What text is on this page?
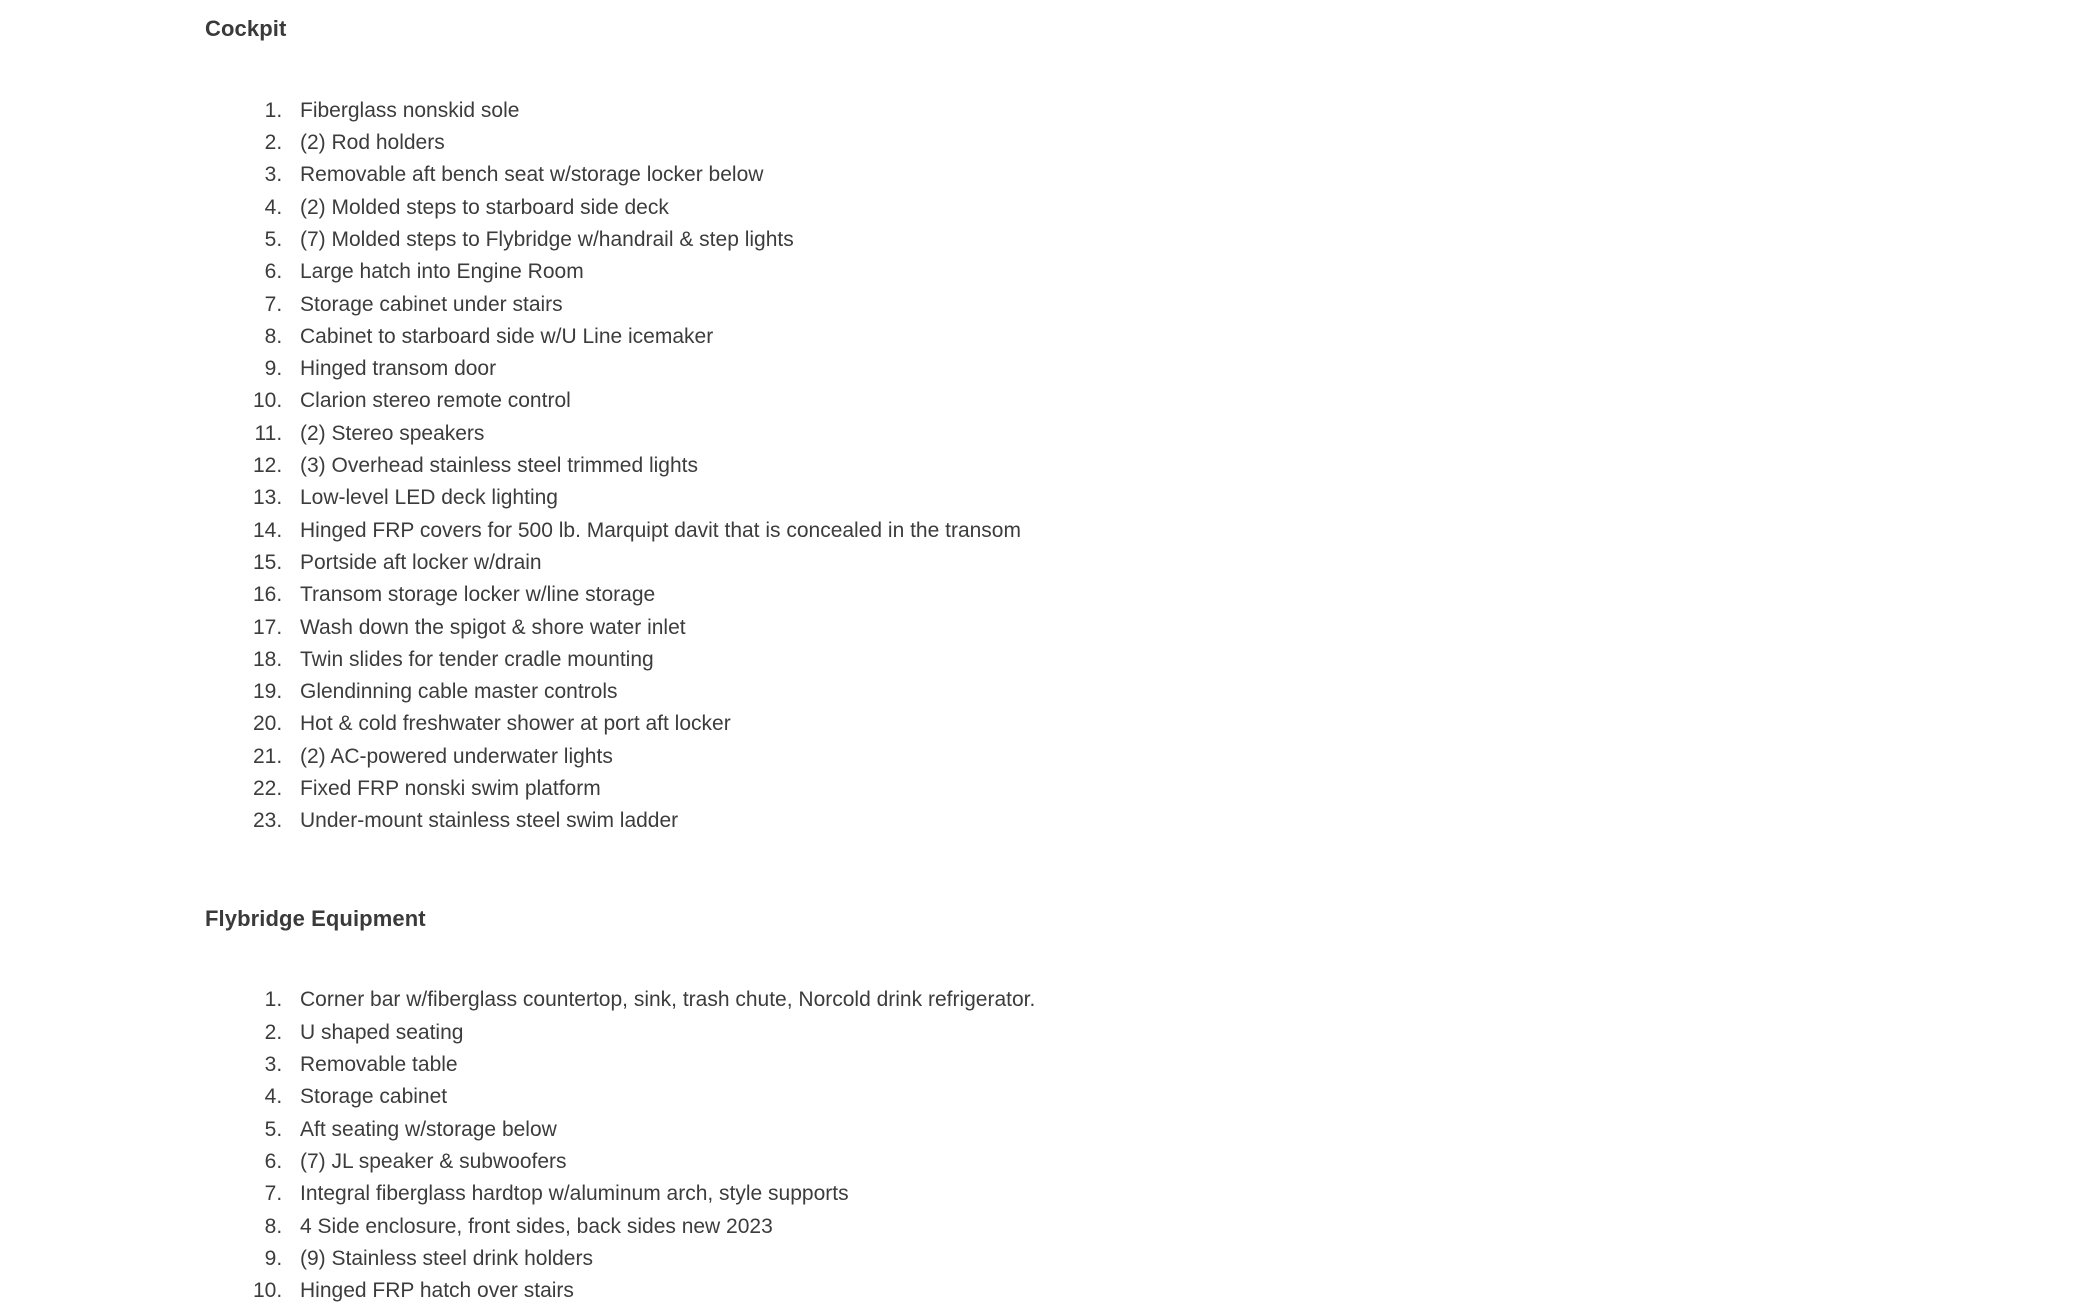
Cockpit
1. Fiberglass nonskid sole
2. (2) Rod holders
3. Removable aft bench seat w/storage locker below
4. (2) Molded steps to starboard side deck
5. (7) Molded steps to Flybridge w/handrail & step lights
6. Large hatch into Engine Room
7. Storage cabinet under stairs
8. Cabinet to starboard side w/U Line icemaker
9. Hinged transom door
10. Clarion stereo remote control
11. (2) Stereo speakers
12. (3) Overhead stainless steel trimmed lights
13. Low-level LED deck lighting
14. Hinged FRP covers for 500 lb. Marquipt davit that is concealed in the transom
15. Portside aft locker w/drain
16. Transom storage locker w/line storage
17. Wash down the spigot & shore water inlet
18. Twin slides for tender cradle mounting
19. Glendinning cable master controls
20. Hot & cold freshwater shower at port aft locker
21. (2) AC-powered underwater lights
22. Fixed FRP nonski swim platform
23. Under-mount stainless steel swim ladder
Flybridge Equipment
1. Corner bar w/fiberglass countertop, sink, trash chute, Norcold drink refrigerator.
2. U shaped seating
3. Removable table
4. Storage cabinet
5. Aft seating w/storage below
6. (7) JL speaker & subwoofers
7. Integral fiberglass hardtop w/aluminum arch, style supports
8. 4 Side enclosure, front sides, back sides new 2023
9. (9) Stainless steel drink holders
10. Hinged FRP hatch over stairs
